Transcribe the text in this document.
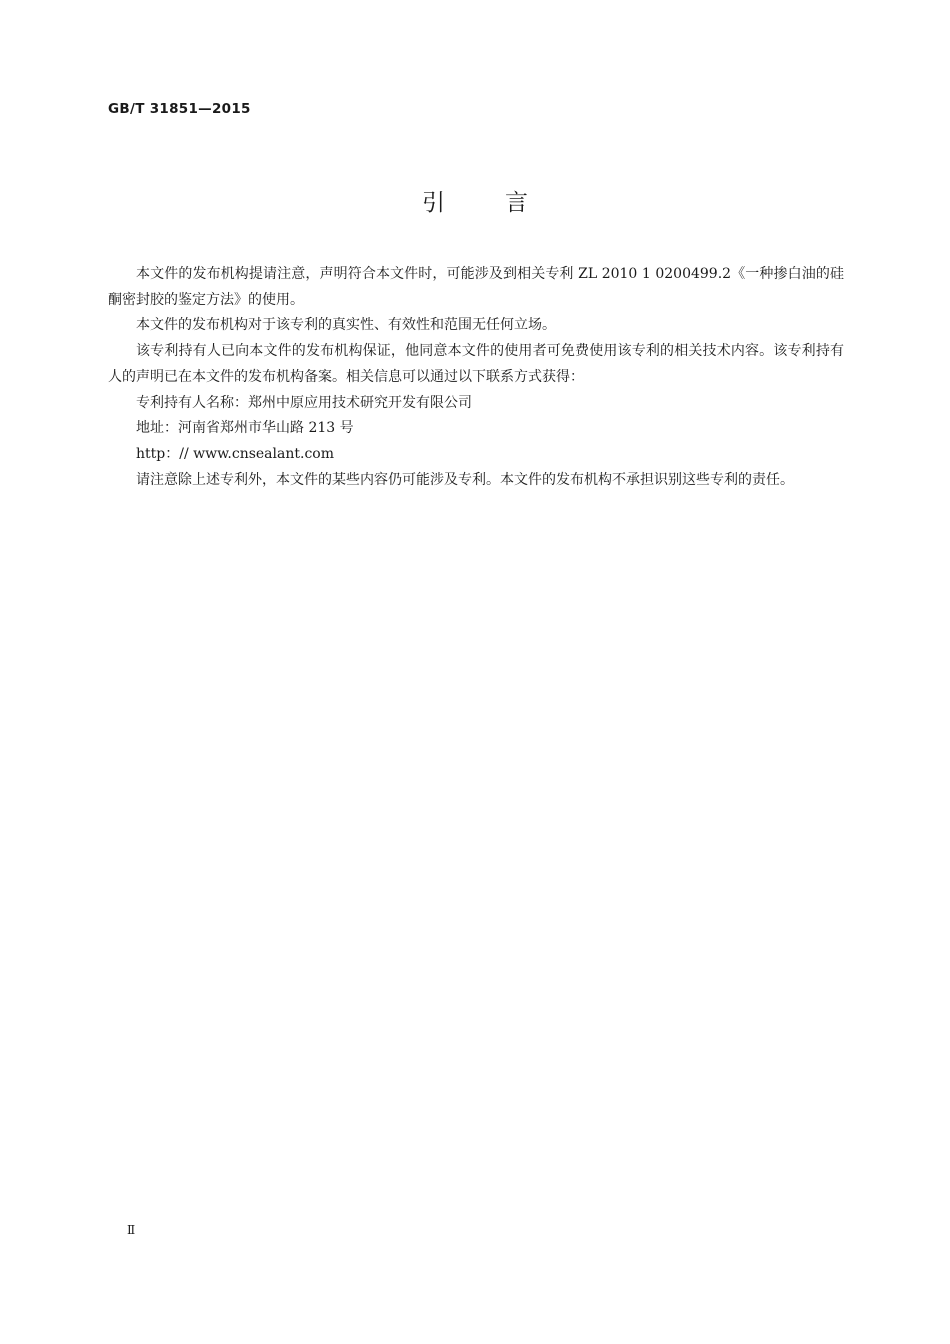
GB/T 31851—2015
引言

本文件的发布机构提请注意，声明符合本文件时，可能涉及到相关专利 ZL 2010 1 0200499.2《一种掺白油的硅酮密封胶的鉴定方法》的使用。

本文件的发布机构对于该专利的真实性、有效性和范围无任何立场。

该专利持有人已向本文件的发布机构保证，他同意本文件的使用者可免费使用该专利的相关技术内容。该专利持有人的声明已在本文件的发布机构备案。相关信息可以通过以下联系方式获得：

专利持有人名称：郑州中原应用技术研究开发有限公司

地址：河南省郑州市华山路 213 号

http：// www.cnsealant.com

请注意除上述专利外，本文件的某些内容仍可能涉及专利。本文件的发布机构不承担识别这些专利的责任。

Ⅱ
